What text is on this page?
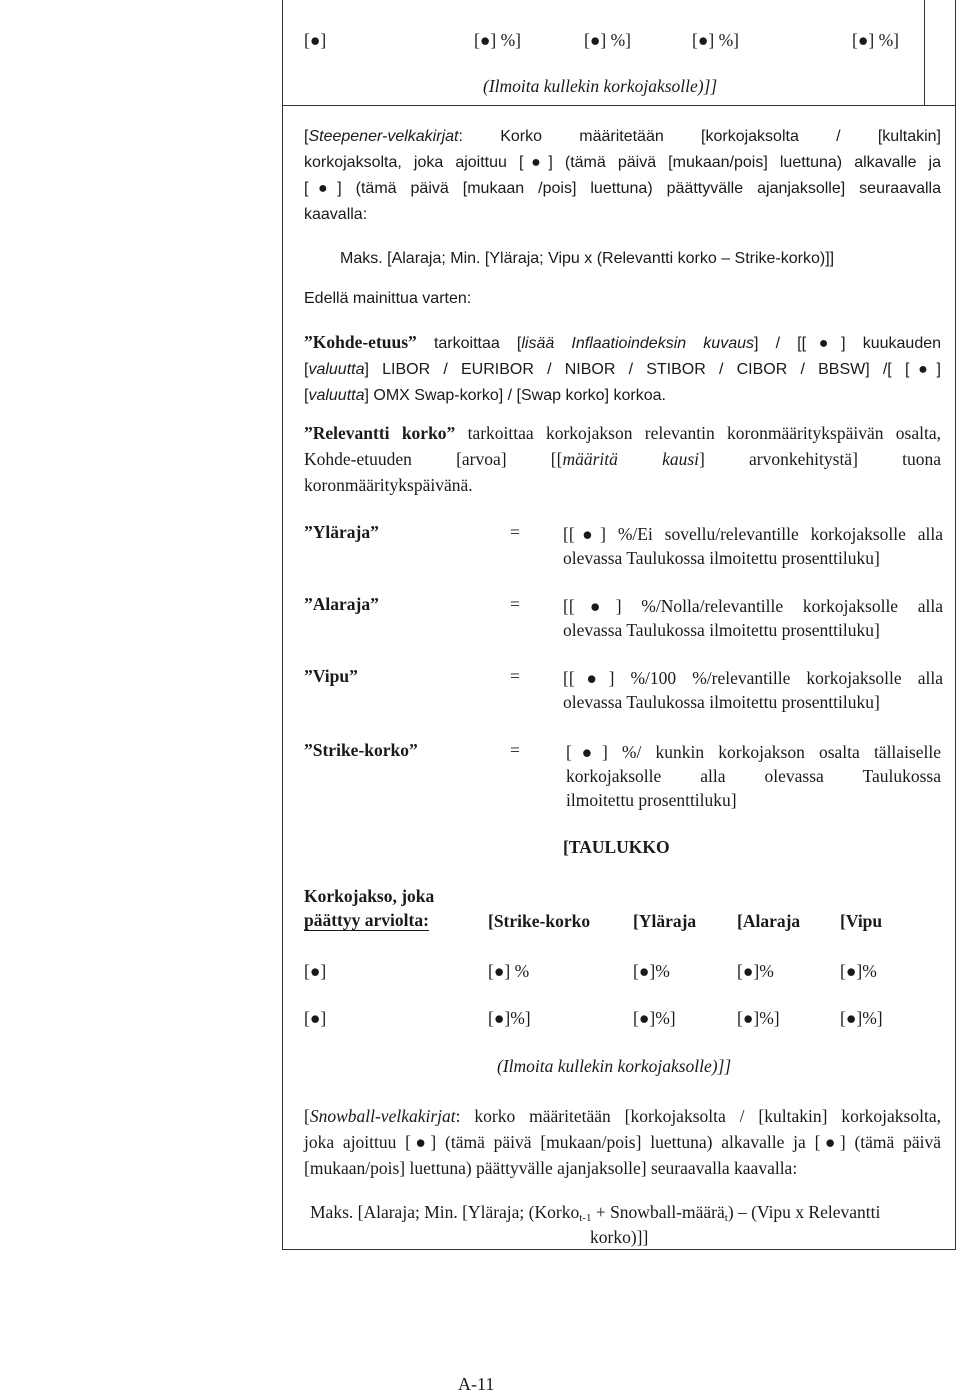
[●]	[●] %]	[●] %]	[●] %]	[●] %]
(Ilmoita kullekin korkojaksolle)]]
[Steepener-velkakirjat: Korko määritetään [korkojaksolta / [kultakin]
korkojaksolta, joka ajoittuu [●] (tämä päivä [mukaan/pois] luettuna) alkavalle ja
[●] (tämä päivä [mukaan /pois] luettuna) päättyvälle ajanjaksolle] seuraavalla
kaavalla:
Maks. [Alaraja; Min. [Yläraja; Vipu x (Relevantti korko – Strike-korko)]]
Edellä mainittua varten:
”Kohde-etuus” tarkoittaa [lisää Inflaatioindeksin kuvaus] / [[●] kuukauden
[valuutta] LIBOR / EURIBOR / NIBOR / STIBOR / CIBOR / BBSW] /[ [●]
[valuutta] OMX Swap-korko] / [Swap korko] korkoa.
”Relevantti korko” tarkoittaa korkojakson relevantin koronmääritykspäivän osalta,
Kohde-etuuden [arvoa] [[määritä kausi] arvonkehitystä] tuona
koronmääritykspäivänä.
”Yläraja”	= [[●] %/Ei sovellu/relevantille korkojaksolle alla
olevassa Taulukossa ilmoitettu prosenttiluku]
”Alaraja”	= [[●] %/Nolla/relevantille korkojaksolle alla
olevassa Taulukossa ilmoitettu prosenttiluku]
”Vipu”	= [[●] %/100 %/relevantille korkojaksolle alla
olevassa Taulukossa ilmoitettu prosenttiluku]
”Strike-korko”	=	[●] %/ kunkin korkojakson osalta tällaiselle
korkojaksolle alla olevassa Taulukossa
ilmoitettu prosenttiluku]
[TAULUKKO
Korkojakso, joka
päättyy arviolta:	[Strike-korko [Yläraja [Alaraja [Vipu
[●]	[●] %	[●]%	[●]%	[●]%
[●]	[●]%]	[●]%]	[●]%]	[●]%]
(Ilmoita kullekin korkojaksolle)]]
[Snowball-velkakirjat: korko määritetään [korkojaksolta / [kultakin] korkojaksolta,
joka ajoittuu [●] (tämä päivä [mukaan/pois] luettuna) alkavalle ja [●] (tämä päivä
[mukaan/pois] luettuna) päättyvälle ajanjaksolle] seuraavalla kaavalla:
Maks. [Alaraja; Min. [Yläraja; (Korko$_{t-1}$ + Snowball-määrä$_t$) – (Vipu x Relevantti
korko)]]
A-11
